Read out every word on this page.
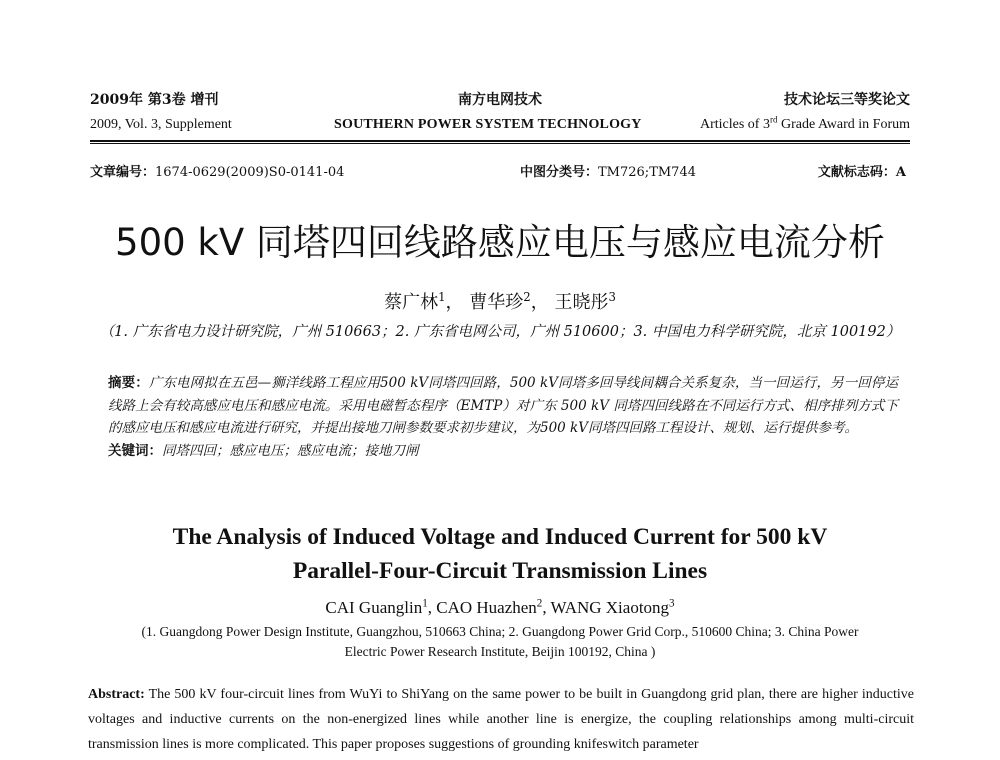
2009年 第3卷 增刊	南方电网技术	技术论坛三等奖论文
2009, Vol. 3, Supplement	SOUTHERN POWER SYSTEM TECHNOLOGY	Articles of 3rd Grade Award in Forum
文章编号：1674-0629(2009)S0-0141-04	中图分类号：TM726;TM744	文献标志码：A
500 kV 同塔四回线路感应电压与感应电流分析
蔡广林$^1$， 曹华珍$^2$， 王晓彤$^3$
（1. 广东省电力设计研究院，广州 510663；2. 广东省电网公司，广州 510600；3. 中国电力科学研究院，北京 100192）
摘要：广东电网拟在五邑—狮洋线路工程应用500 kV同塔四回路，500 kV同塔多回导线间耦合关系复杂，当一回运行，另一回停运线路上会有较高感应电压和感应电流。采用电磁暂态程序（EMTP）对广东 500 kV 同塔四回线路在不同运行方式、相序排列方式下的感应电压和感应电流进行研究，并提出接地刀闸参数要求初步建议，为500 kV同塔四回路工程设计、规划、运行提供参考。
关键词：同塔四回；感应电压；感应电流；接地刀闸
The Analysis of Induced Voltage and Induced Current for 500 kV
Parallel-Four-Circuit Transmission Lines
CAI Guanglin$^1$, CAO Huazhen$^2$, WANG Xiaotong$^3$
(1. Guangdong Power Design Institute, Guangzhou, 510663 China; 2. Guangdong Power Grid Corp., 510600 China; 3. China Power
Electric Power Research Institute, Beijin 100192, China )
Abstract: The 500 kV four-circuit lines from WuYi to ShiYang on the same power to be built in Guangdong grid plan, there are higher inductive voltages and inductive currents on the non-energized lines while another line is energize, the coupling relationships among multi-circuit transmission lines is more complicated. This paper proposes suggestions of grounding knifeswitch parameter
